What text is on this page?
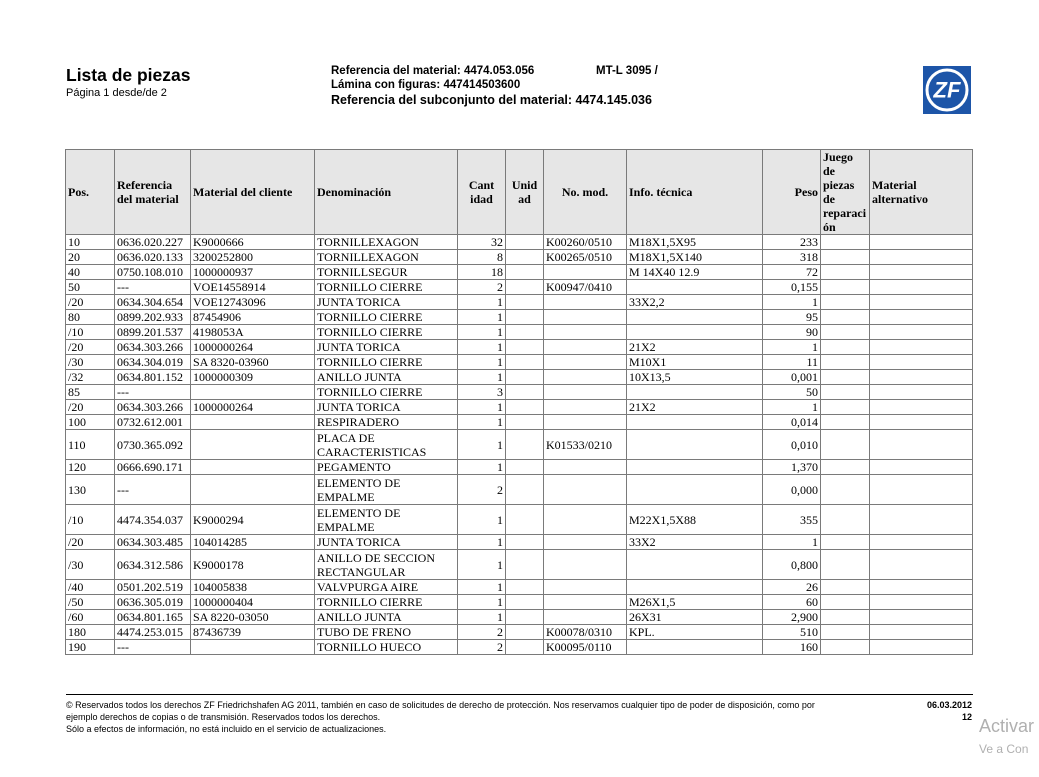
Lista de piezas
Página 1 desde/de 2
Referencia del material: 4474.053.056	MT-L 3095 /
Lámina con figuras: 447414503600
Referencia del subconjunto del material: 4474.145.036	ZF
Pos.	Referencia del material	Material del cliente	Denominación	Cant idad	Unid ad	No. mod.	Info. técnica	Peso	Juego de piezas de reparaci ón	Material alternativo
10	0636.020.227	K9000666	TORNILLEXAGON	32		K00260/0510	M18X1,5X95	233		
20	0636.020.133	3200252800	TORNILLEXAGON	8		K00265/0510	M18X1,5X140	318		
40	0750.108.010	1000000937	TORNILLSEGUR	18			M 14X40 12.9	72		
50	---	VOE14558914	TORNILLO CIERRE	2		K00947/0410		0,155		
/20	0634.304.654	VOE12743096	JUNTA TORICA	1			33X2,2	1		
80	0899.202.933	87454906	TORNILLO CIERRE	1				95		
/10	0899.201.537	4198053A	TORNILLO CIERRE	1				90		
/20	0634.303.266	1000000264	JUNTA TORICA	1			21X2	1		
/30	0634.304.019	SA 8320-03960	TORNILLO CIERRE	1			M10X1	11		
/32	0634.801.152	1000000309	ANILLO JUNTA	1			10X13,5	0,001		
85	---		TORNILLO CIERRE	3				50		
/20	0634.303.266	1000000264	JUNTA TORICA	1			21X2	1		
100	0732.612.001		RESPIRADERO	1				0,014		
110	0730.365.092		PLACA DE CARACTERISTICAS	1		K01533/0210		0,010		
120	0666.690.171		PEGAMENTO	1				1,370		
130	---		ELEMENTO DE EMPALME	2				0,000		
/10	4474.354.037	K9000294	ELEMENTO DE EMPALME	1			M22X1,5X88	355		
/20	0634.303.485	104014285	JUNTA TORICA	1			33X2	1		
/30	0634.312.586	K9000178	ANILLO DE SECCION RECTANGULAR	1				0,800		
/40	0501.202.519	104005838	VALVPURGA AIRE	1				26		
/50	0636.305.019	1000000404	TORNILLO CIERRE	1			M26X1,5	60		
/60	0634.801.165	SA 8220-03050	ANILLO JUNTA	1			26X31	2,900		
180	4474.253.015	87436739	TUBO DE FRENO	2		K00078/0310	KPL.	510		
190	---		TORNILLO HUECO	2		K00095/0110		160		
© Reservados todos los derechos ZF Friedrichshafen AG 2011, también en caso de solicitudes de derecho de protección. Nos reservamos cualquier tipo de poder de disposición, como por
ejemplo derechos de copias o de transmisión. Reservados todos los derechos.
Sólo a efectos de información, no está incluido en el servicio de actualizaciones.
06.03.2012
12 Activar
Ve a Con
